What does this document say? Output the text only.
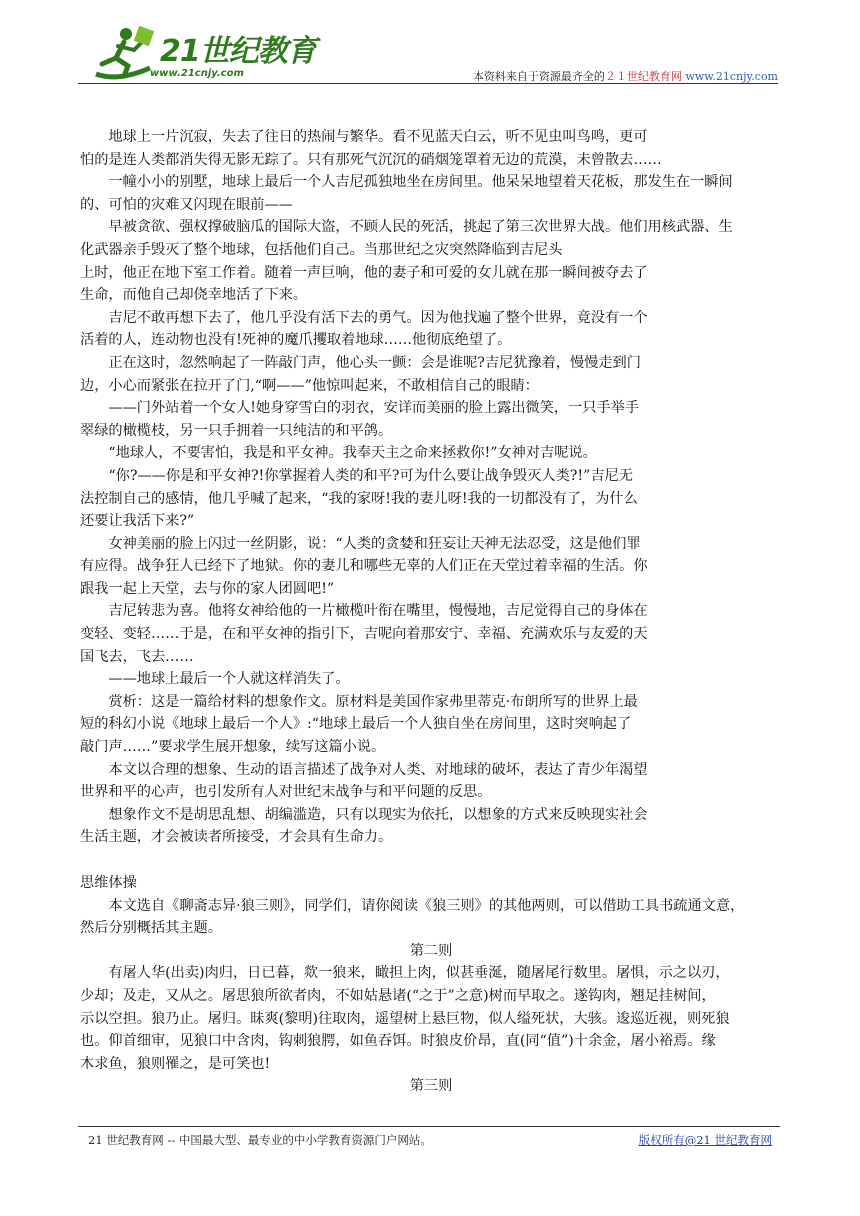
21世纪教育
www.21cnjy.com	本资料来自于资源最齐全的２１世纪教育网 www.21cnjy.com

地球上一片沉寂，失去了往日的热闹与繁华。看不见蓝天白云，听不见虫叫鸟鸣，更可

怕的是连人类都消失得无影无踪了。只有那死气沉沉的硝烟笼罩着无边的荒漠，未曾散去……

一幢小小的别墅，地球上最后一个人吉尼孤独地坐在房间里。他呆呆地望着天花板，那发生在一瞬间

的、可怕的灾难又闪现在眼前——

早被贪欲、强权撑破脑瓜的国际大盗，不顾人民的死活，挑起了第三次世界大战。他们用核武器、生

化武器亲手毁灭了整个地球，包括他们自己。当那世纪之灾突然降临到吉尼头

上时，他正在地下室工作着。随着一声巨响，他的妻子和可爱的女儿就在那一瞬间被夺去了

生命，而他自己却侥幸地活了下来。

吉尼不敢再想下去了，他几乎没有活下去的勇气。因为他找遍了整个世界，竟没有一个

活着的人，连动物也没有!死神的魔爪攫取着地球……他彻底绝望了。

正在这时，忽然响起了一阵敲门声，他心头一颤：会是谁呢?吉尼犹豫着，慢慢走到门

边，小心而紧张在拉开了门,“啊——”他惊叫起来，不敢相信自己的眼睛：

——门外站着一个女人!她身穿雪白的羽衣，安详而美丽的脸上露出微笑，一只手举手

翠绿的橄榄枝，另一只手拥着一只纯洁的和平鸽。

“地球人，不要害怕，我是和平女神。我奉天主之命来拯救你!”女神对吉呢说。

“你?——你是和平女神?!你掌握着人类的和平?可为什么要让战争毁灭人类?!”吉尼无

法控制自己的感情，他几乎喊了起来，“我的家呀!我的妻儿呀!我的一切都没有了，为什么

还要让我活下来?”

女神美丽的脸上闪过一丝阴影，说：“人类的贪婪和狂妄让天神无法忍受，这是他们罪

有应得。战争狂人已经下了地狱。你的妻儿和哪些无辜的人们正在天堂过着幸福的生活。你

跟我一起上天堂，去与你的家人团圆吧!”

吉尼转悲为喜。他将女神给他的一片橄榄叶衔在嘴里，慢慢地，吉尼觉得自己的身体在

变轻、变轻……于是，在和平女神的指引下，吉呢向着那安宁、幸福、充满欢乐与友爱的天

国飞去，飞去……

——地球上最后一个人就这样消失了。

赏析：这是一篇给材料的想象作文。原材料是美国作家弗里蒂克·布朗所写的世界上最

短的科幻小说《地球上最后一个人》:“地球上最后一个人独自坐在房间里，这时突响起了

敲门声……”要求学生展开想象，续写这篇小说。

本文以合理的想象、生动的语言描述了战争对人类、对地球的破坏，表达了青少年渴望

世界和平的心声，也引发所有人对世纪末战争与和平问题的反思。

想象作文不是胡思乱想、胡编滥造，只有以现实为依托，以想象的方式来反映现实社会

生活主题，才会被读者所接受，才会具有生命力。

思维体操

本文选自《聊斋志异·狼三则》，同学们，请你阅读《狼三则》的其他两则，可以借助工具书疏通文意，

然后分别概括其主题。

第二则

有屠人华(出卖)肉归，日已暮，欻一狼来，瞰担上肉，似甚垂涎，随屠尾行数里。屠惧，示之以刃，

少却；及走，又从之。屠思狼所欲者肉，不如姑悬诸(“之于”之意)树而早取之。遂钩肉，翘足挂树间，

示以空担。狼乃止。屠归。昧爽(黎明)往取肉，遥望树上悬巨物，似人缢死状，大骇。逡巡近视，则死狼

也。仰首细审，见狼口中含肉，钩刺狼腭，如鱼吞饵。时狼皮价昂，直(同“值”)十余金，屠小裕焉。缘

木求鱼，狼则罹之，是可笑也!

第三则

21 世纪教育网 -- 中国最大型、最专业的中小学教育资源门户网站。	版权所有@21 世纪教育网
